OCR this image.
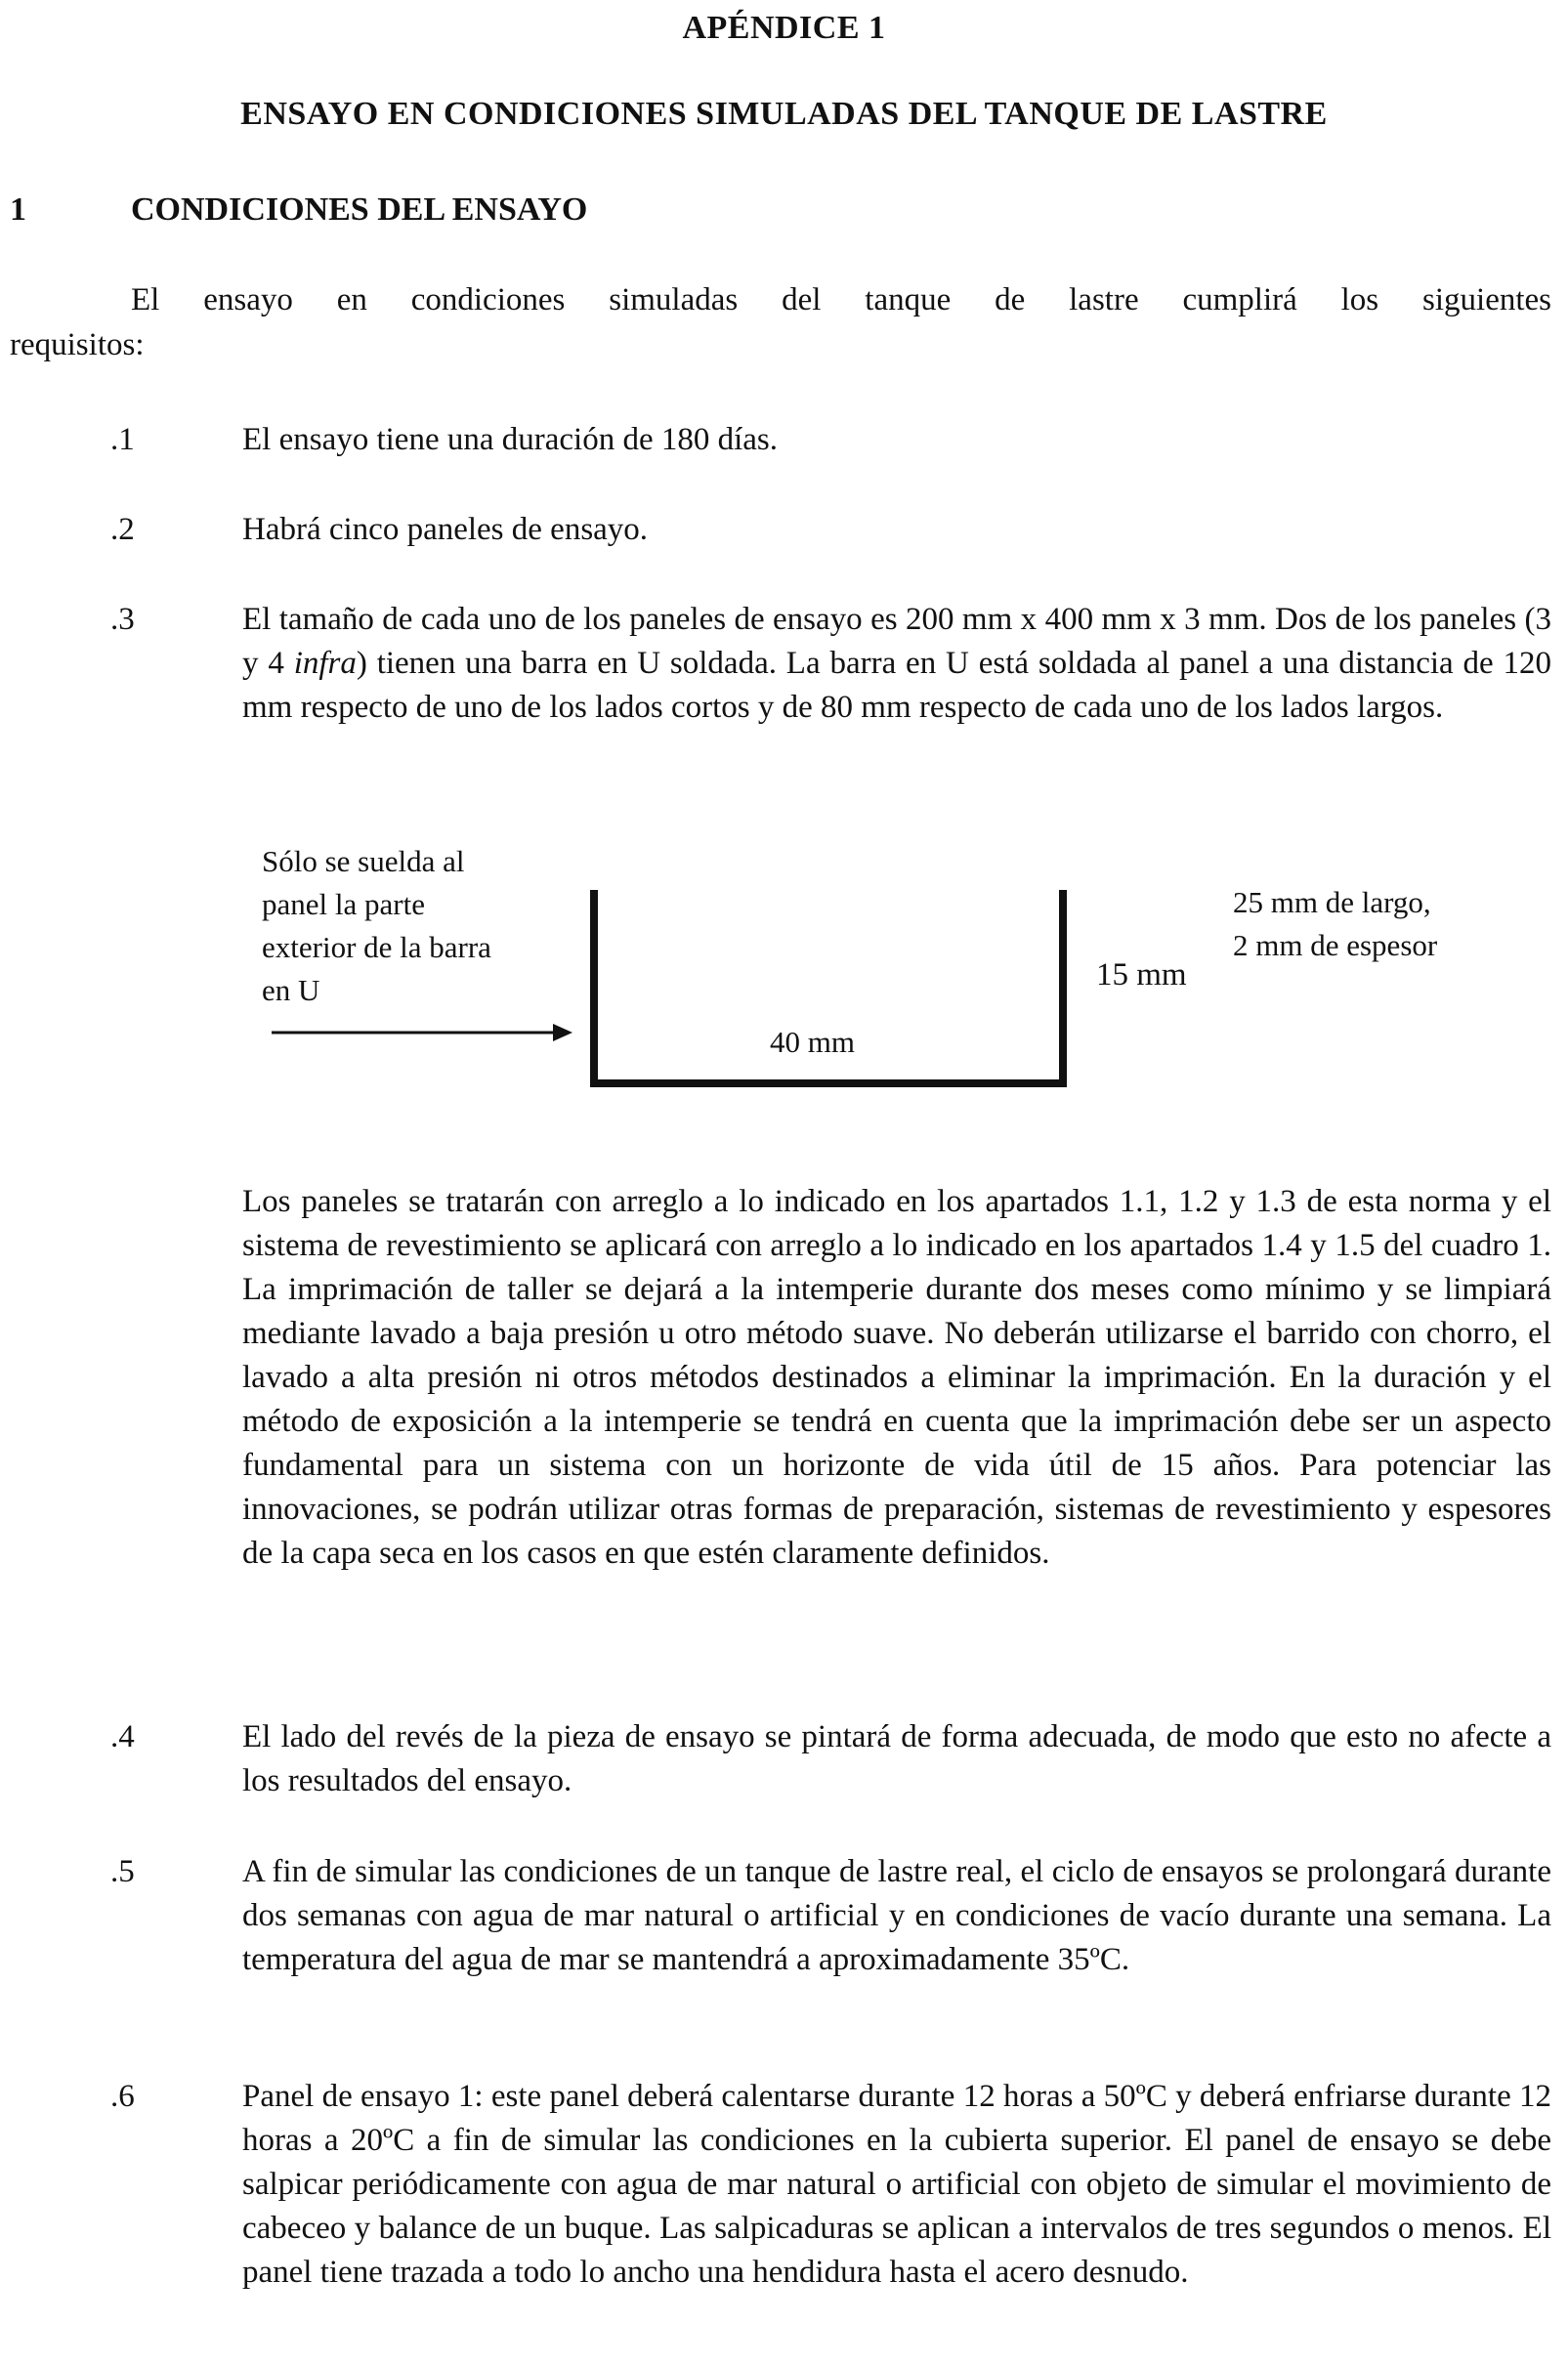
APÉNDICE 1
ENSAYO EN CONDICIONES SIMULADAS DEL TANQUE DE LASTRE
1	CONDICIONES DEL ENSAYO
El ensayo en condiciones simuladas del tanque de lastre cumplirá los siguientes
requisitos:
.1	El ensayo tiene una duración de 180 días.
.2	Habrá cinco paneles de ensayo.
.3	El tamaño de cada uno de los paneles de ensayo es 200 mm x 400 mm x 3 mm. Dos de los paneles (3 y 4 infra) tienen una barra en U soldada. La barra en U está soldada al panel a una distancia de 120 mm respecto de uno de los lados cortos y de 80 mm respecto de cada uno de los lados largos.

Sólo se suelda al
panel la parte
exterior de la barra
en U	15 mm
40 mm
25 mm de largo,
2 mm de espesor

Los paneles se tratarán con arreglo a lo indicado en los apartados 1.1, 1.2 y 1.3 de esta norma y el sistema de revestimiento se aplicará con arreglo a lo indicado en los apartados 1.4 y 1.5 del cuadro 1. La imprimación de taller se dejará a la intemperie durante dos meses como mínimo y se limpiará mediante lavado a baja presión u otro método suave. No deberán utilizarse el barrido con chorro, el lavado a alta presión ni otros métodos destinados a eliminar la imprimación. En la duración y el método de exposición a la intemperie se tendrá en cuenta que la imprimación debe ser un aspecto fundamental para un sistema con un horizonte de vida útil de 15 años. Para potenciar las innovaciones, se podrán utilizar otras formas de preparación, sistemas de revestimiento y espesores de la capa seca en los casos en que estén claramente definidos.

.4	El lado del revés de la pieza de ensayo se pintará de forma adecuada, de modo que esto no afecte a los resultados del ensayo.

.5	A fin de simular las condiciones de un tanque de lastre real, el ciclo de ensayos se prolongará durante dos semanas con agua de mar natural o artificial y en condiciones de vacío durante una semana. La temperatura del agua de mar se mantendrá a aproximadamente 35ºC.

.6	Panel de ensayo 1: este panel deberá calentarse durante 12 horas a 50ºC y deberá enfriarse durante 12 horas a 20ºC a fin de simular las condiciones en la cubierta superior. El panel de ensayo se debe salpicar periódicamente con agua de mar natural o artificial con objeto de simular el movimiento de cabeceo y balance de un buque. Las salpicaduras se aplican a intervalos de tres segundos o menos. El panel tiene trazada a todo lo ancho una hendidura hasta el acero desnudo.
